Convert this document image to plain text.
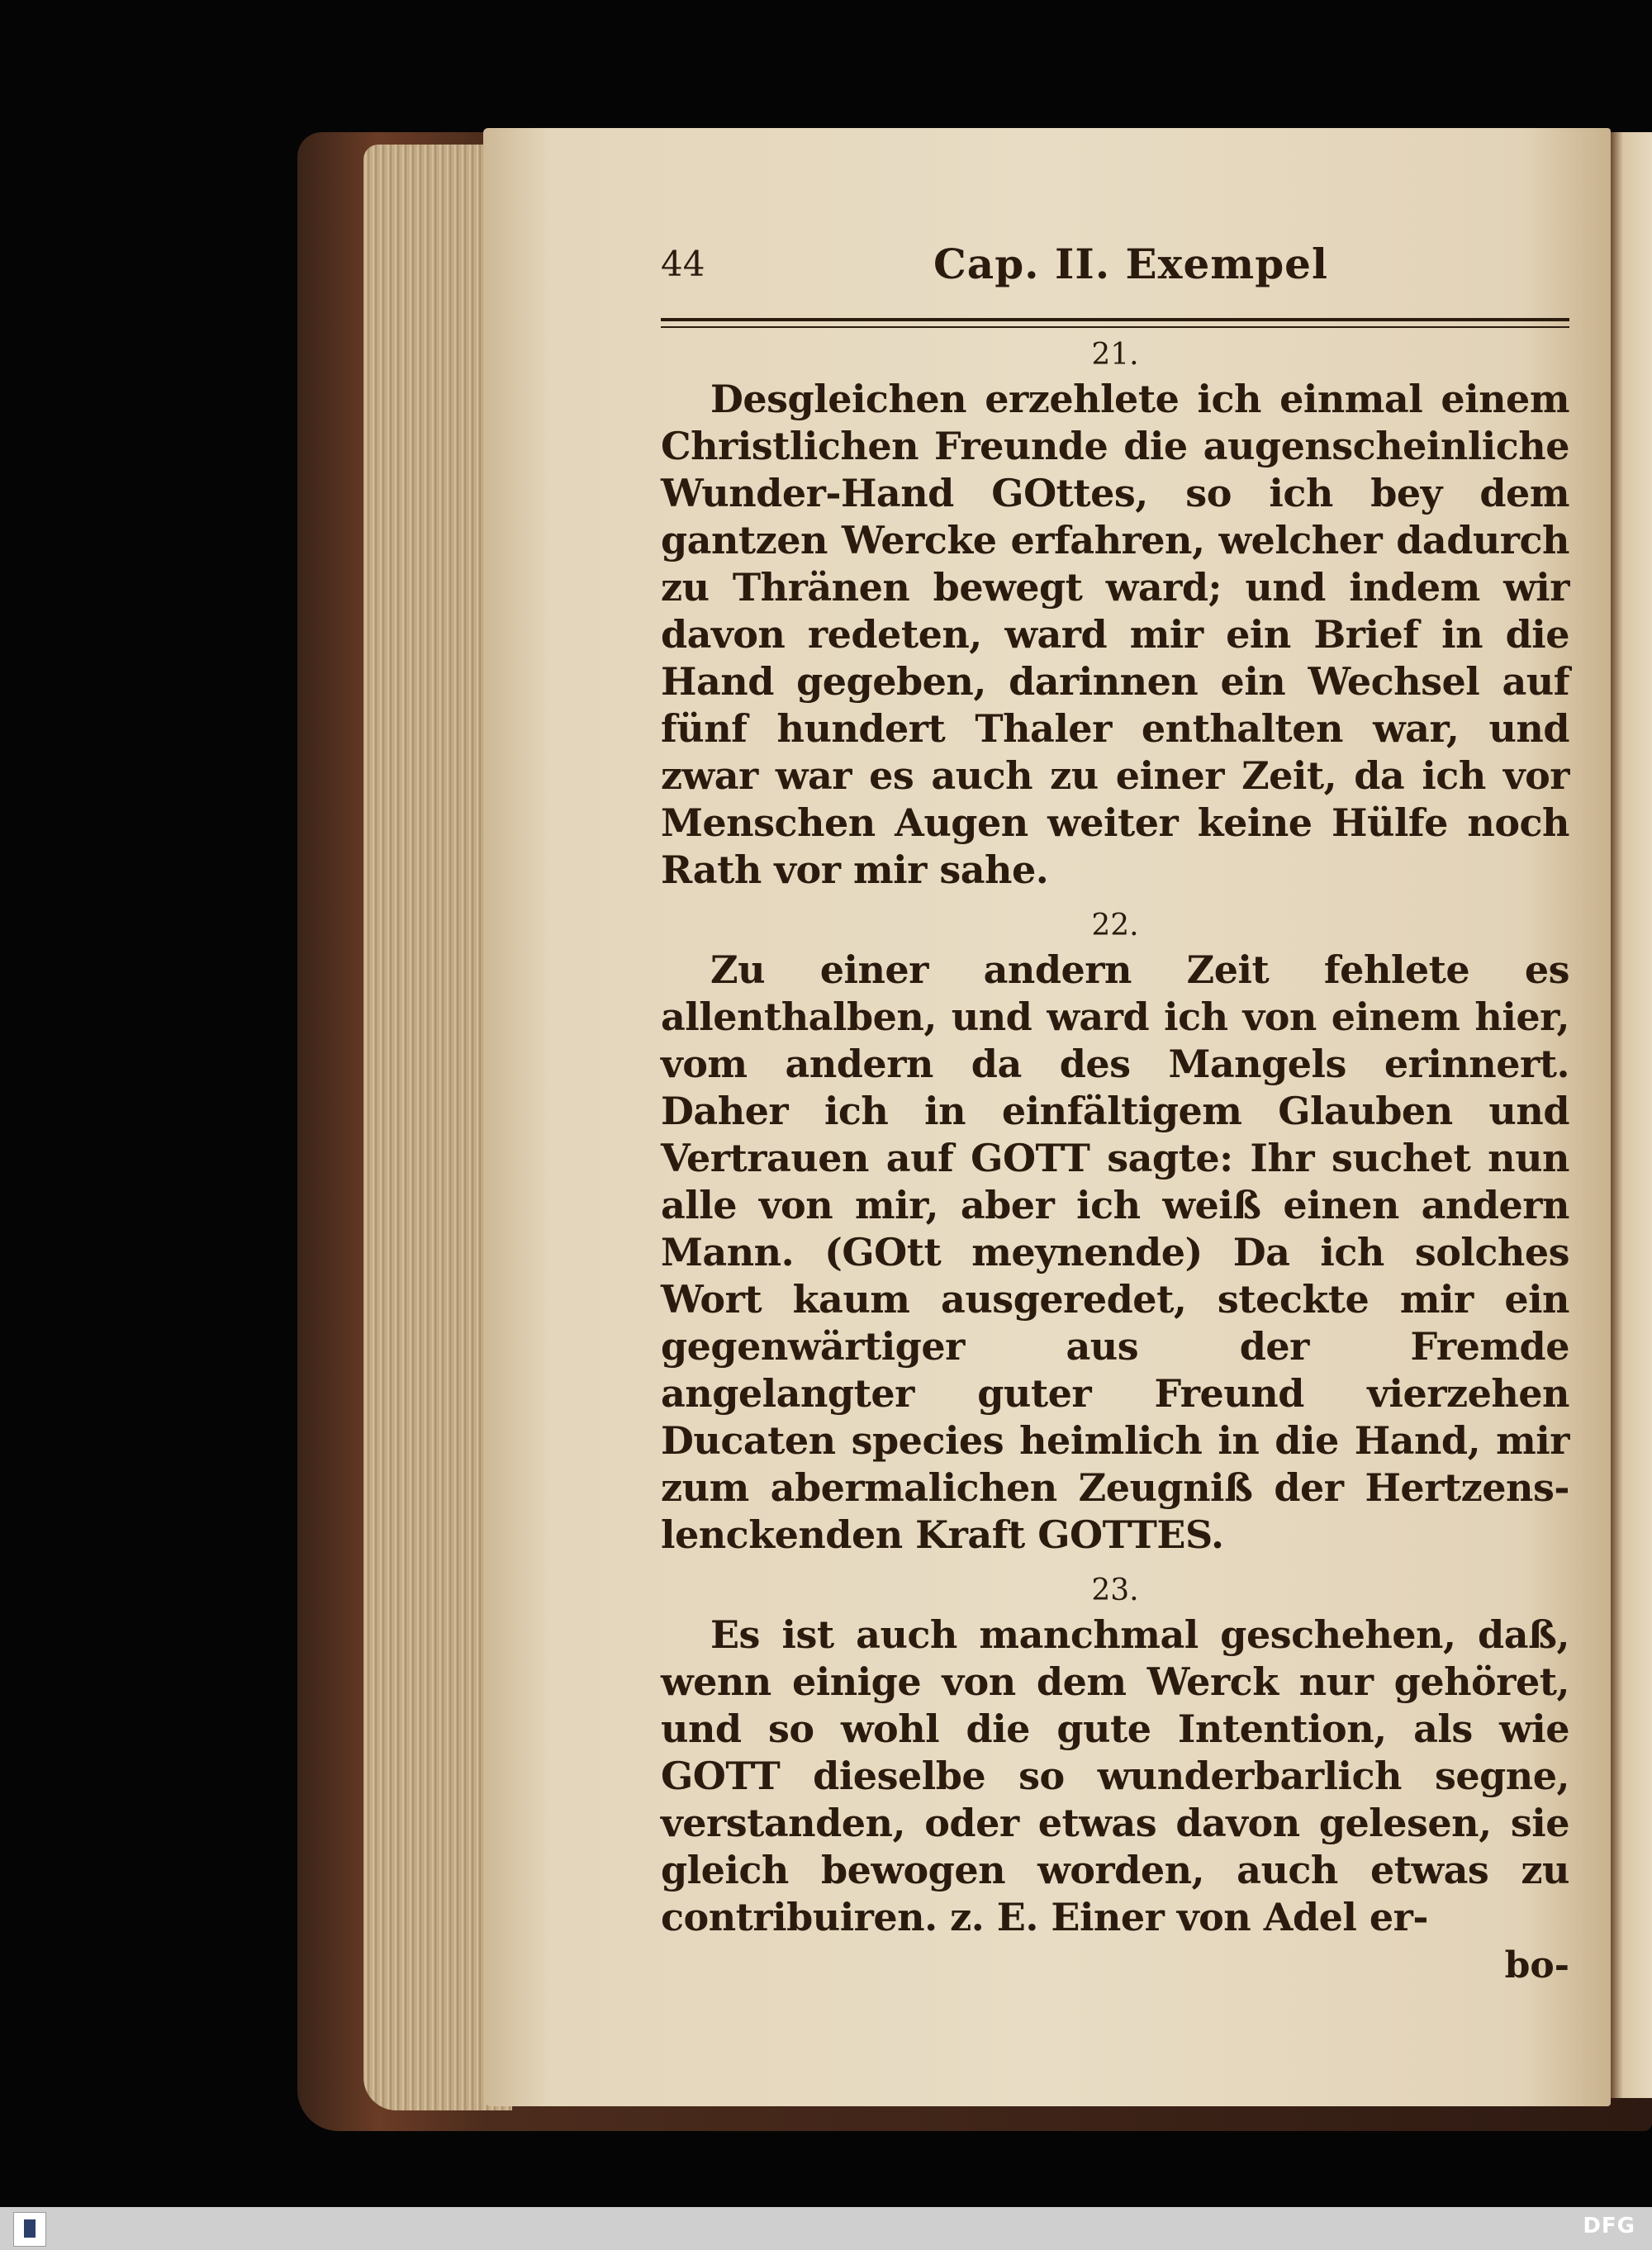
44	Cap. II. Exempel

21.

Desgleichen erzehlete ich einmal einem Christlichen Freunde die augenscheinliche Wunder-Hand GOttes, so ich bey dem gantzen Wercke erfahren, welcher dadurch zu Thränen bewegt ward; und indem wir davon redeten, ward mir ein Brief in die Hand gegeben, darinnen ein Wechsel auf fünf hundert Thaler enthalten war, und zwar war es auch zu einer Zeit, da ich vor Menschen Augen weiter keine Hülfe noch Rath vor mir sahe.

22.

Zu einer andern Zeit fehlete es allenthalben, und ward ich von einem hier, vom andern da des Mangels erinnert. Daher ich in einfältigem Glauben und Vertrauen auf GOTT sagte: Ihr suchet nun alle von mir, aber ich weiß einen andern Mann. (GOtt meynende) Da ich solches Wort kaum ausgeredet, steckte mir ein gegenwärtiger aus der Fremde angelangter guter Freund vierzehen Ducaten species heimlich in die Hand, mir zum abermalichen Zeugniß der Hertzens-lenckenden Kraft GOTTES.

23.

Es ist auch manchmal geschehen, daß, wenn einige von dem Werck nur gehöret, und so wohl die gute Intention, als wie GOTT dieselbe so wunderbarlich segne, verstanden, oder etwas davon gelesen, sie gleich bewogen worden, auch etwas zu contribuiren. z. E. Einer von Adel er-

bo-

DFG
